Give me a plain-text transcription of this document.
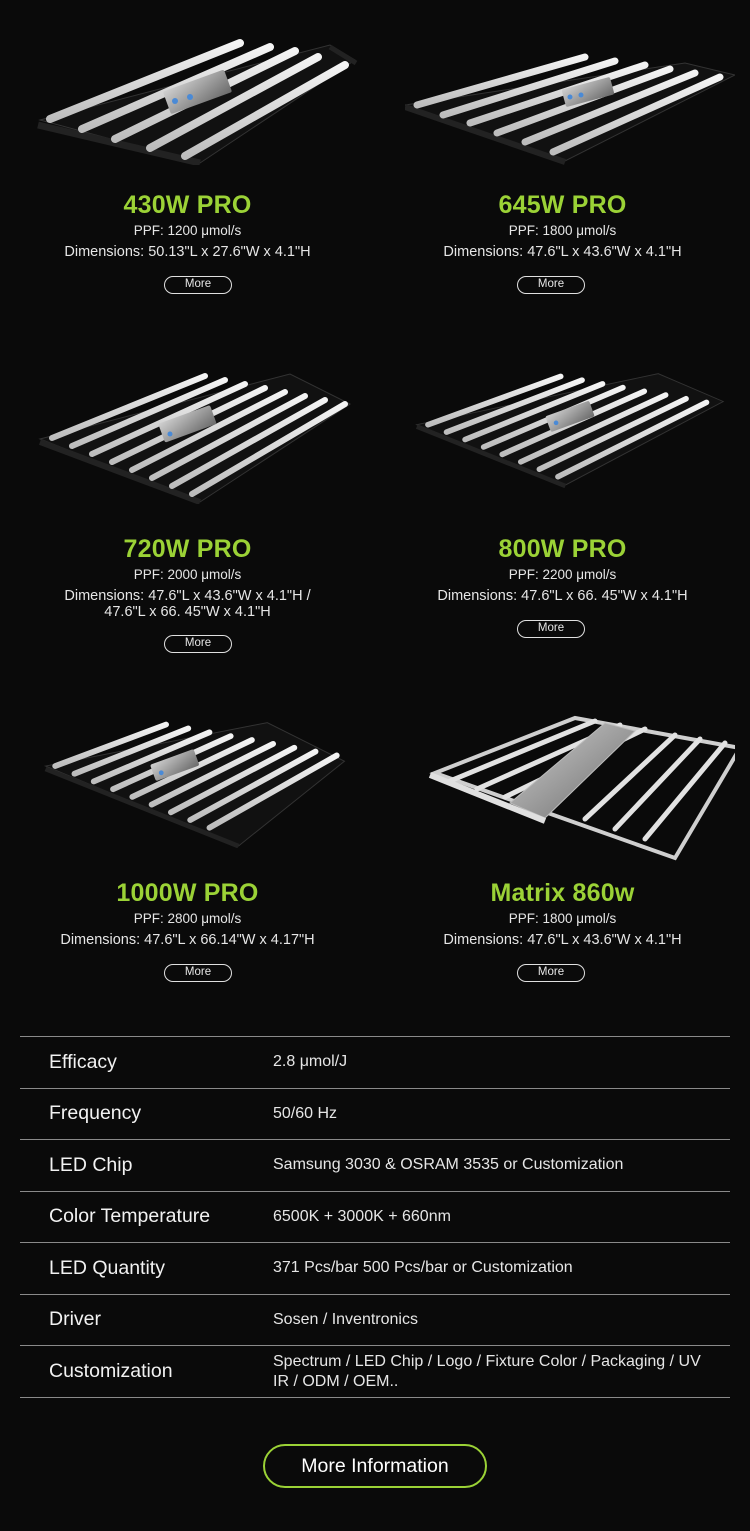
430W PRO
PPF: 1200 μmol/s
Dimensions: 50.13"L x 27.6"W x 4.1"H
More
645W PRO
PPF: 1800 μmol/s
Dimensions: 47.6"L x 43.6"W x 4.1"H
More
720W PRO
PPF: 2000 μmol/s
Dimensions: 47.6"L x 43.6"W x 4.1"H /
47.6"L x 66. 45"W x 4.1"H
More
800W PRO
PPF: 2200 μmol/s
Dimensions: 47.6"L x 66. 45"W x 4.1"H
More
1000W PRO
PPF: 2800 μmol/s
Dimensions: 47.6"L x 66.14"W x 4.17"H
More
Matrix 860w
PPF: 1800 μmol/s
Dimensions: 47.6"L x 43.6"W x 4.1"H
More
Efficacy	2.8 μmol/J
Frequency	50/60 Hz
LED Chip	Samsung 3030 & OSRAM 3535 or Customization
Color Temperature	6500K + 3000K + 660nm
LED Quantity	371 Pcs/bar 500 Pcs/bar or Customization
Driver	Sosen / Inventronics
Customization	Spectrum / LED Chip / Logo / Fixture Color / Packaging / UV IR / ODM / OEM..
More Information
